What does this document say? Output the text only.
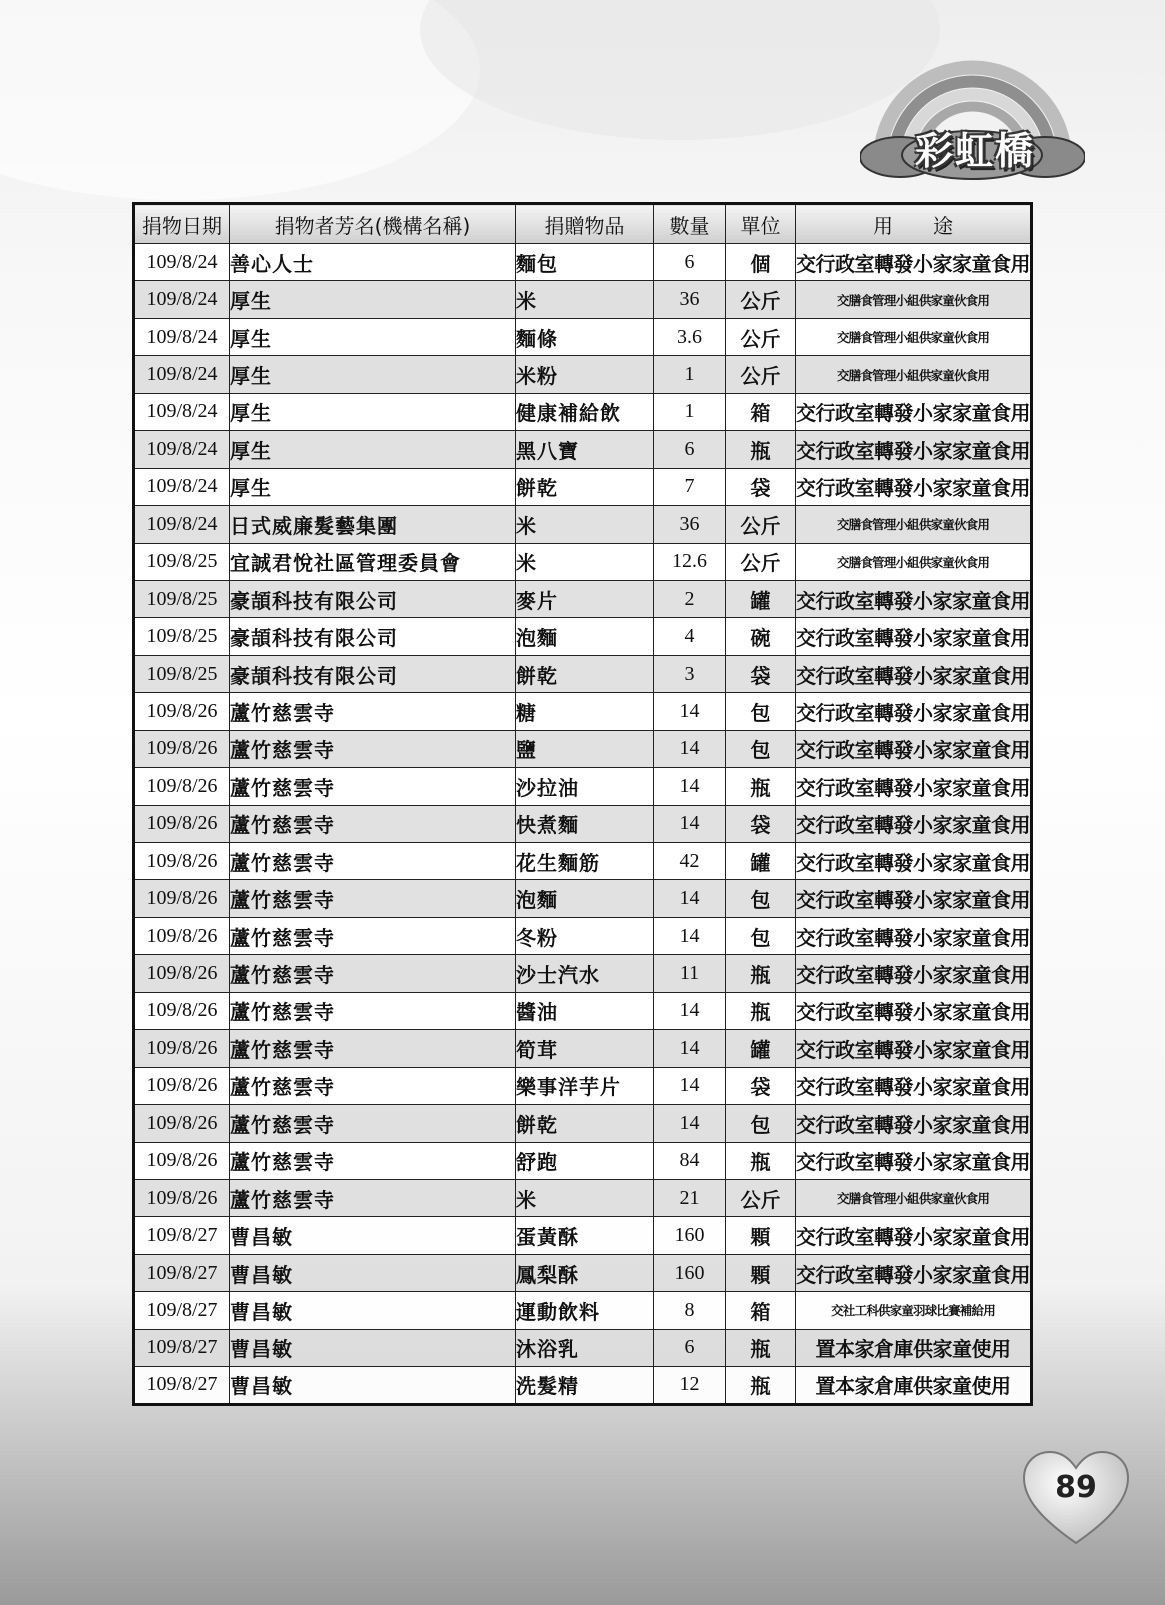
彩虹橋
捐物日期	捐物者芳名(機構名稱)	捐贈物品	數量	單位	用　　途
109/8/24	善心人士	麵包	6	個	交行政室轉發小家家童食用
109/8/24	厚生	米	36	公斤	交膳食管理小組供家童伙食用
109/8/24	厚生	麵條	3.6	公斤	交膳食管理小組供家童伙食用
109/8/24	厚生	米粉	1	公斤	交膳食管理小組供家童伙食用
109/8/24	厚生	健康補給飲	1	箱	交行政室轉發小家家童食用
109/8/24	厚生	黑八寶	6	瓶	交行政室轉發小家家童食用
109/8/24	厚生	餅乾	7	袋	交行政室轉發小家家童食用
109/8/24	日式威廉髮藝集團	米	36	公斤	交膳食管理小組供家童伙食用
109/8/25	宜誠君悅社區管理委員會	米	12.6	公斤	交膳食管理小組供家童伙食用
109/8/25	豪頡科技有限公司	麥片	2	罐	交行政室轉發小家家童食用
109/8/25	豪頡科技有限公司	泡麵	4	碗	交行政室轉發小家家童食用
109/8/25	豪頡科技有限公司	餅乾	3	袋	交行政室轉發小家家童食用
109/8/26	蘆竹慈雲寺	糖	14	包	交行政室轉發小家家童食用
109/8/26	蘆竹慈雲寺	鹽	14	包	交行政室轉發小家家童食用
109/8/26	蘆竹慈雲寺	沙拉油	14	瓶	交行政室轉發小家家童食用
109/8/26	蘆竹慈雲寺	快煮麵	14	袋	交行政室轉發小家家童食用
109/8/26	蘆竹慈雲寺	花生麵筋	42	罐	交行政室轉發小家家童食用
109/8/26	蘆竹慈雲寺	泡麵	14	包	交行政室轉發小家家童食用
109/8/26	蘆竹慈雲寺	冬粉	14	包	交行政室轉發小家家童食用
109/8/26	蘆竹慈雲寺	沙士汽水	11	瓶	交行政室轉發小家家童食用
109/8/26	蘆竹慈雲寺	醬油	14	瓶	交行政室轉發小家家童食用
109/8/26	蘆竹慈雲寺	筍茸	14	罐	交行政室轉發小家家童食用
109/8/26	蘆竹慈雲寺	樂事洋芋片	14	袋	交行政室轉發小家家童食用
109/8/26	蘆竹慈雲寺	餅乾	14	包	交行政室轉發小家家童食用
109/8/26	蘆竹慈雲寺	舒跑	84	瓶	交行政室轉發小家家童食用
109/8/26	蘆竹慈雲寺	米	21	公斤	交膳食管理小組供家童伙食用
109/8/27	曹昌敏	蛋黃酥	160	顆	交行政室轉發小家家童食用
109/8/27	曹昌敏	鳳梨酥	160	顆	交行政室轉發小家家童食用
109/8/27	曹昌敏	運動飲料	8	箱	交社工科供家童羽球比賽補給用
109/8/27	曹昌敏	沐浴乳	6	瓶	置本家倉庫供家童使用
109/8/27	曹昌敏	洗髮精	12	瓶	置本家倉庫供家童使用
89
